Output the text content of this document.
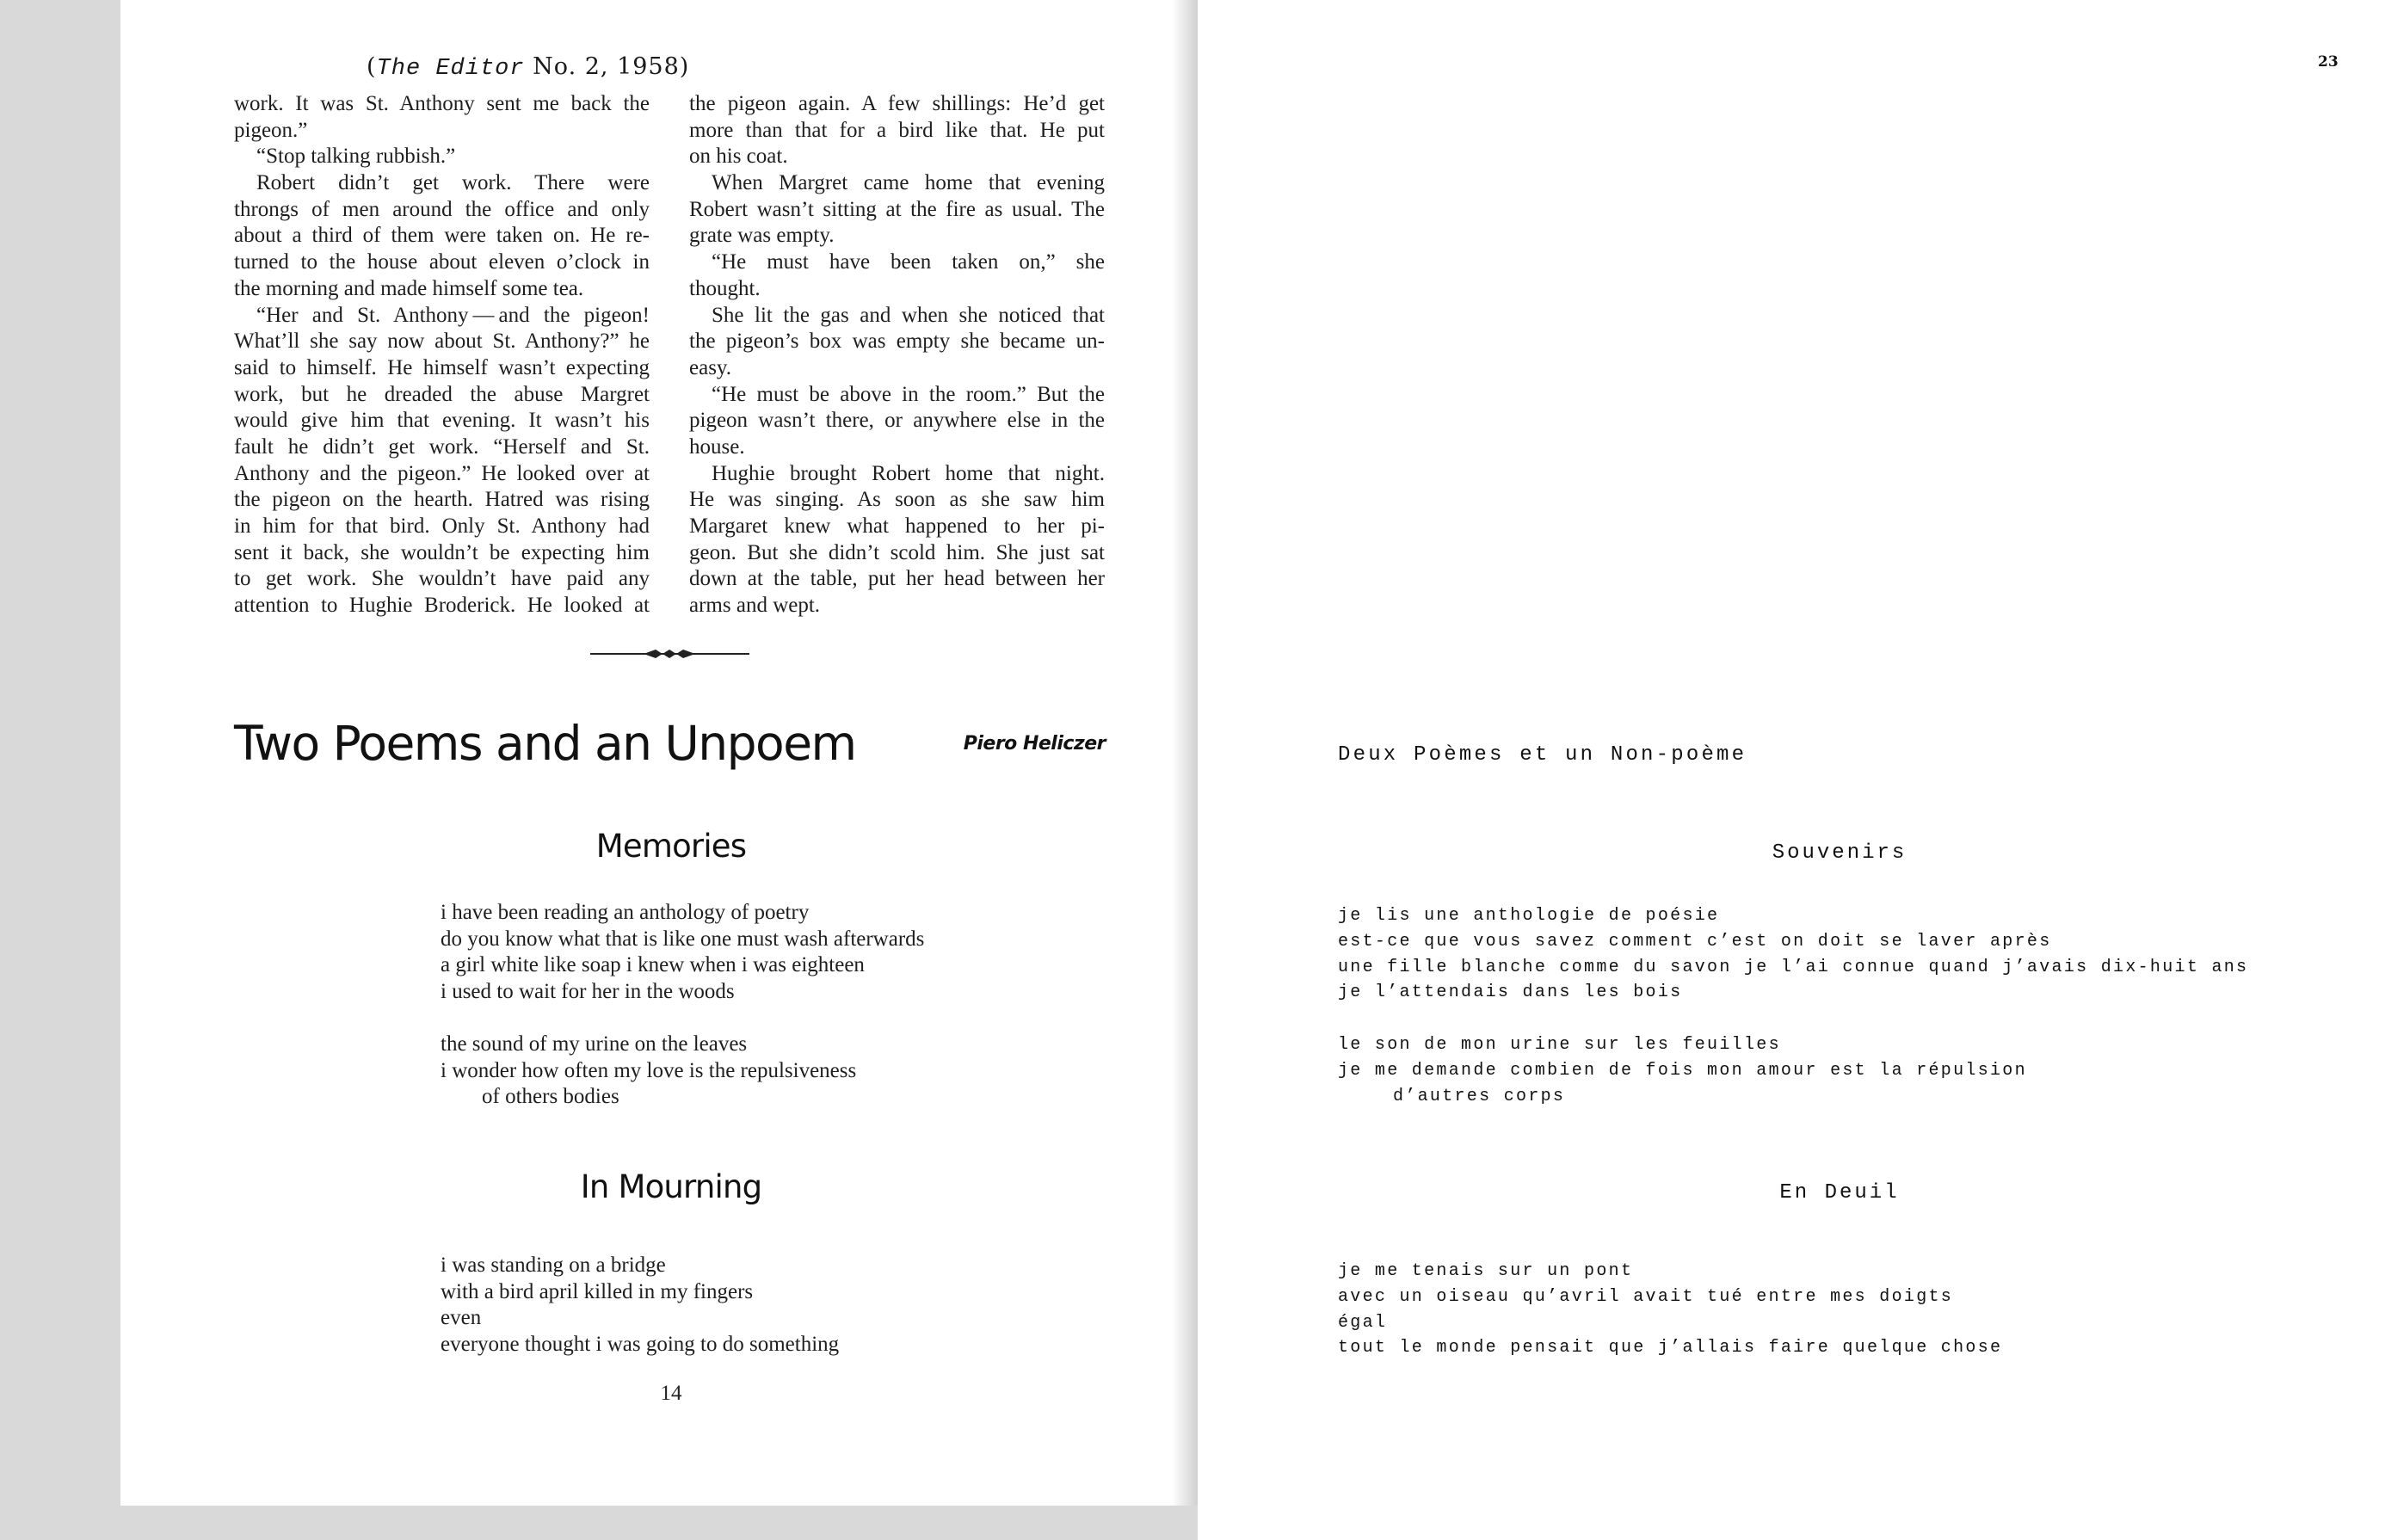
(The Editor No. 2, 1958)
work. It was St. Anthony sent me back the
pigeon.”
“Stop talking rubbish.”
Robert didn’t get work. There were
throngs of men around the office and only
about a third of them were taken on. He re-
turned to the house about eleven o’clock in
the morning and made himself some tea.
“Her and St. Anthony — and the pigeon!
What’ll she say now about St. Anthony?” he
said to himself. He himself wasn’t expecting
work, but he dreaded the abuse Margret
would give him that evening. It wasn’t his
fault he didn’t get work. “Herself and St.
Anthony and the pigeon.” He looked over at
the pigeon on the hearth. Hatred was rising
in him for that bird. Only St. Anthony had
sent it back, she wouldn’t be expecting him
to get work. She wouldn’t have paid any
attention to Hughie Broderick. He looked at
the pigeon again. A few shillings: He’d get
more than that for a bird like that. He put
on his coat.
When Margret came home that evening
Robert wasn’t sitting at the fire as usual. The
grate was empty.
“He must have been taken on,” she
thought.
She lit the gas and when she noticed that
the pigeon’s box was empty she became un-
easy.
“He must be above in the room.” But the
pigeon wasn’t there, or anywhere else in the
house.
Hughie brought Robert home that night.
He was singing. As soon as she saw him
Margaret knew what happened to her pi-
geon. But she didn’t scold him. She just sat
down at the table, put her head between her
arms and wept.
Two Poems and an Unpoem	Piero Heliczer
Memories
i have been reading an anthology of poetry
do you know what that is like one must wash afterwards
a girl white like soap i knew when i was eighteen
i used to wait for her in the woods
the sound of my urine on the leaves
i wonder how often my love is the repulsiveness
of others bodies
In Mourning
i was standing on a bridge
with a bird april killed in my fingers
even
everyone thought i was going to do something
14
23
Deux Poèmes et un Non-poème
Souvenirs
je lis une anthologie de poésie
est-ce que vous savez comment c’est on doit se laver après
une fille blanche comme du savon je l’ai connue quand j’avais dix-huit ans
je l’attendais dans les bois
le son de mon urine sur les feuilles
je me demande combien de fois mon amour est la répulsion
d’autres corps
En Deuil
je me tenais sur un pont
avec un oiseau qu’avril avait tué entre mes doigts
égal
tout le monde pensait que j’allais faire quelque chose
